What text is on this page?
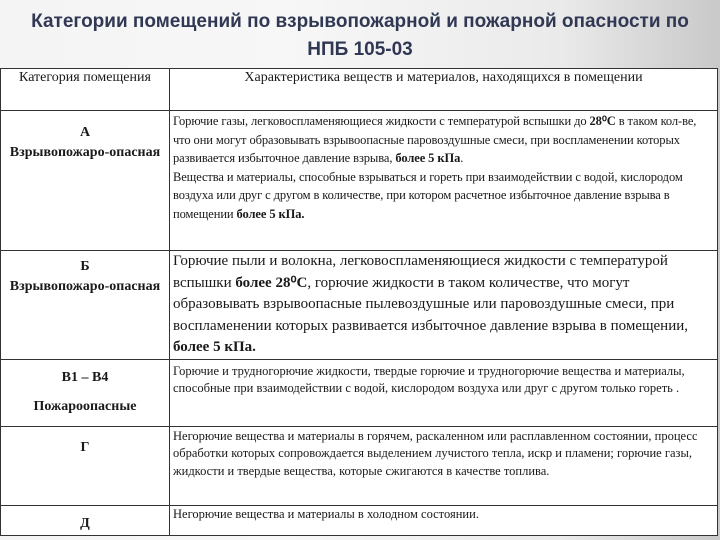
Категории помещений по взрывопожарной и пожарной опасности по НПБ 105-03
Категория помещения	Характеристика веществ и материалов, находящихся в помещении

А
Взрывопожаро-опасная	Горючие газы, легковоспламеняющиеся жидкости с температурой вспышки до 28⁰С в таком кол-ве, что они могут образовывать взрывоопасные паровоздушные смеси, при воспламенении которых развивается избыточное давление взрыва, более 5 кПа.
Вещества и материалы, способные взрываться и гореть при взаимодействии с водой, кислородом воздуха или друг с другом в количестве, при котором расчетное избыточное давление взрыва в помещении более 5 кПа.

Б
Взрывопожаро-опасная	Горючие пыли и волокна, легковоспламеняющиеся жидкости с температурой вспышки более 28⁰С, горючие жидкости в таком количестве, что могут образовывать взрывоопасные пылевоздушные или паровоздушные смеси, при воспламенении которых развивается избыточное давление взрыва в помещении, более 5 кПа.

В1 – В4
Пожароопасные	Горючие и трудногорючие жидкости, твердые горючие и трудногорючие вещества и материалы, способные при взаимодействии с водой, кислородом воздуха или друг с другом только гореть .

Г	Негорючие вещества и материалы в горячем, раскаленном или расплавленном состоянии, процесс обработки которых сопровождается выделением лучистого тепла, искр и пламени; горючие газы, жидкости и твердые вещества, которые сжигаются в качестве топлива.

Д	Негорючие вещества и материалы в холодном состоянии.
